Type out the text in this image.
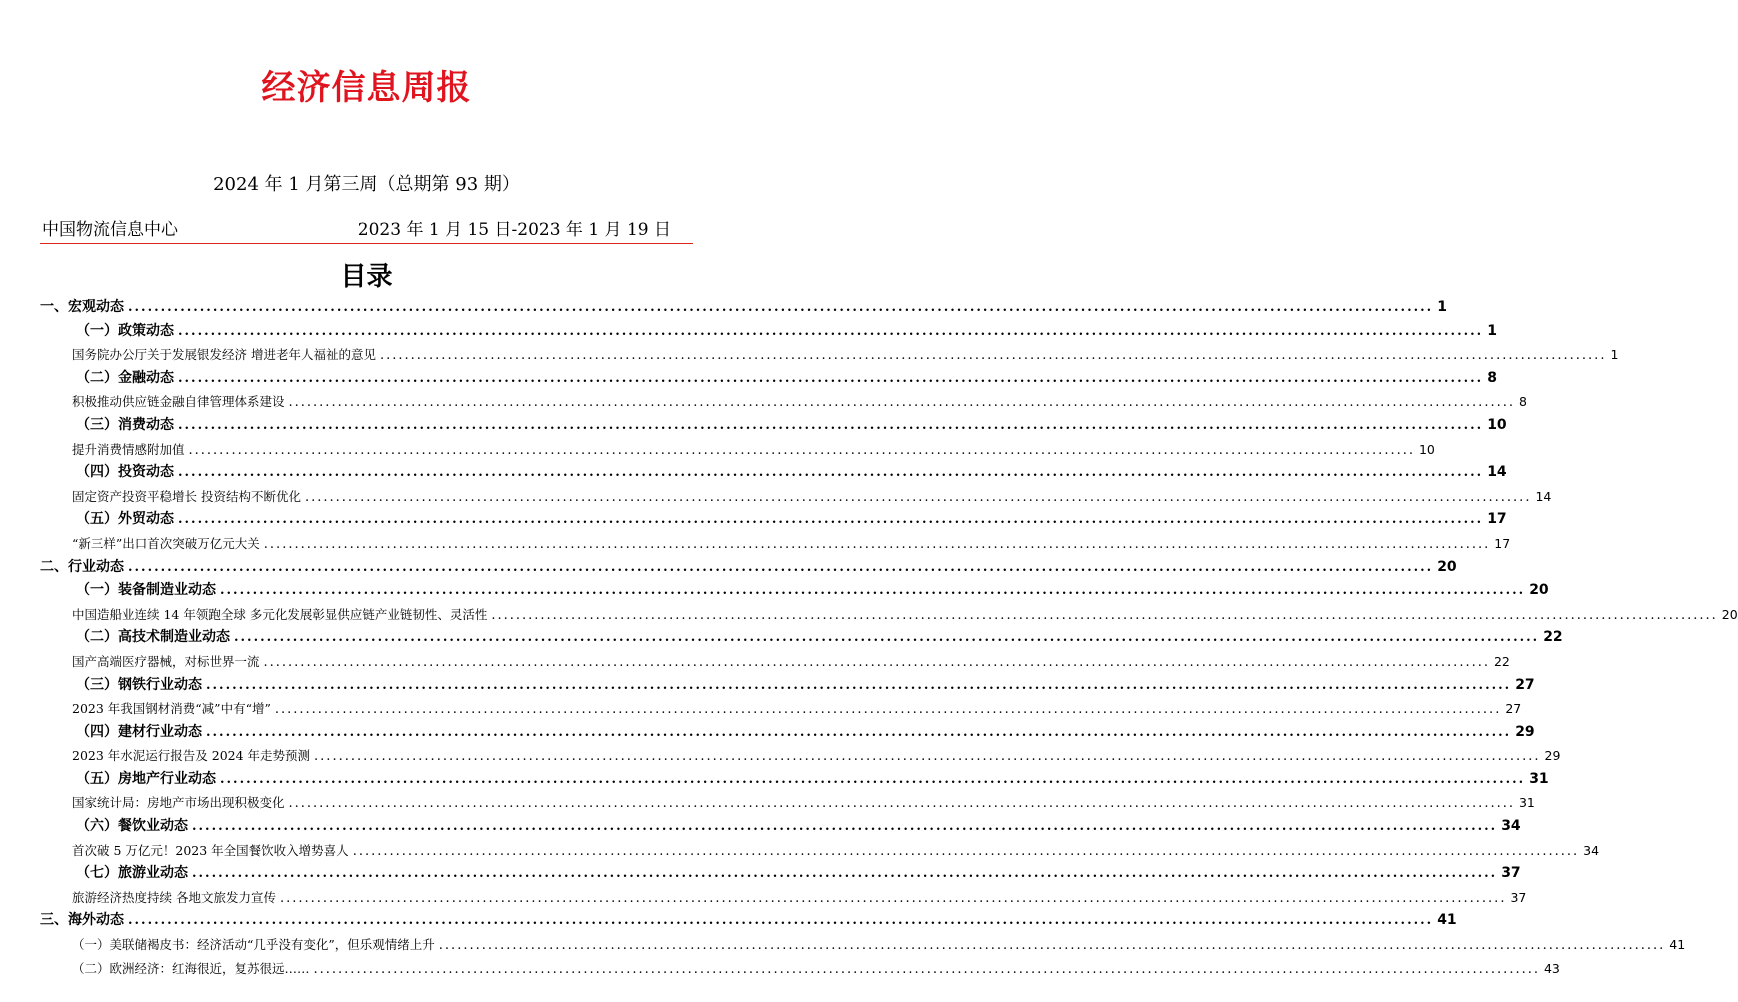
经济信息周报
2024 年 1 月第三周（总期第 93 期）
中国物流信息中心	2023 年 1 月 15 日-2023 年 1 月 19 日
目录
一、宏观动态 ........................................................................................................................................................................................................ 1
（一）政策动态 ........................................................................................................................................................................................................ 1
国务院办公厅关于发展银发经济 增进老年人福祉的意见 ........................................................................................................................................................................................................ 1
（二）金融动态 ........................................................................................................................................................................................................ 8
积极推动供应链金融自律管理体系建设 ........................................................................................................................................................................................................ 8
（三）消费动态 ........................................................................................................................................................................................................ 10
提升消费情感附加值 ........................................................................................................................................................................................................ 10
（四）投资动态 ........................................................................................................................................................................................................ 14
固定资产投资平稳增长 投资结构不断优化 ........................................................................................................................................................................................................ 14
（五）外贸动态 ........................................................................................................................................................................................................ 17
“新三样”出口首次突破万亿元大关 ........................................................................................................................................................................................................ 17
二、行业动态 ........................................................................................................................................................................................................ 20
（一）装备制造业动态 ........................................................................................................................................................................................................ 20
中国造船业连续 14 年领跑全球 多元化发展彰显供应链产业链韧性、灵活性 ........................................................................................................................................................................................................ 20
（二）高技术制造业动态 ........................................................................................................................................................................................................ 22
国产高端医疗器械，对标世界一流 ........................................................................................................................................................................................................ 22
（三）钢铁行业动态 ........................................................................................................................................................................................................ 27
2023 年我国钢材消费“减”中有“增” ........................................................................................................................................................................................................ 27
（四）建材行业动态 ........................................................................................................................................................................................................ 29
2023 年水泥运行报告及 2024 年走势预测 ........................................................................................................................................................................................................ 29
（五）房地产行业动态 ........................................................................................................................................................................................................ 31
国家统计局：房地产市场出现积极变化 ........................................................................................................................................................................................................ 31
（六）餐饮业动态 ........................................................................................................................................................................................................ 34
首次破 5 万亿元！2023 年全国餐饮收入增势喜人 ........................................................................................................................................................................................................ 34
（七）旅游业动态 ........................................................................................................................................................................................................ 37
旅游经济热度持续 各地文旅发力宣传 ........................................................................................................................................................................................................ 37
三、海外动态 ........................................................................................................................................................................................................ 41
（一）美联储褐皮书：经济活动“几乎没有变化”，但乐观情绪上升 ........................................................................................................................................................................................................ 41
（二）欧洲经济：红海很近，复苏很远…… ........................................................................................................................................................................................................ 43
